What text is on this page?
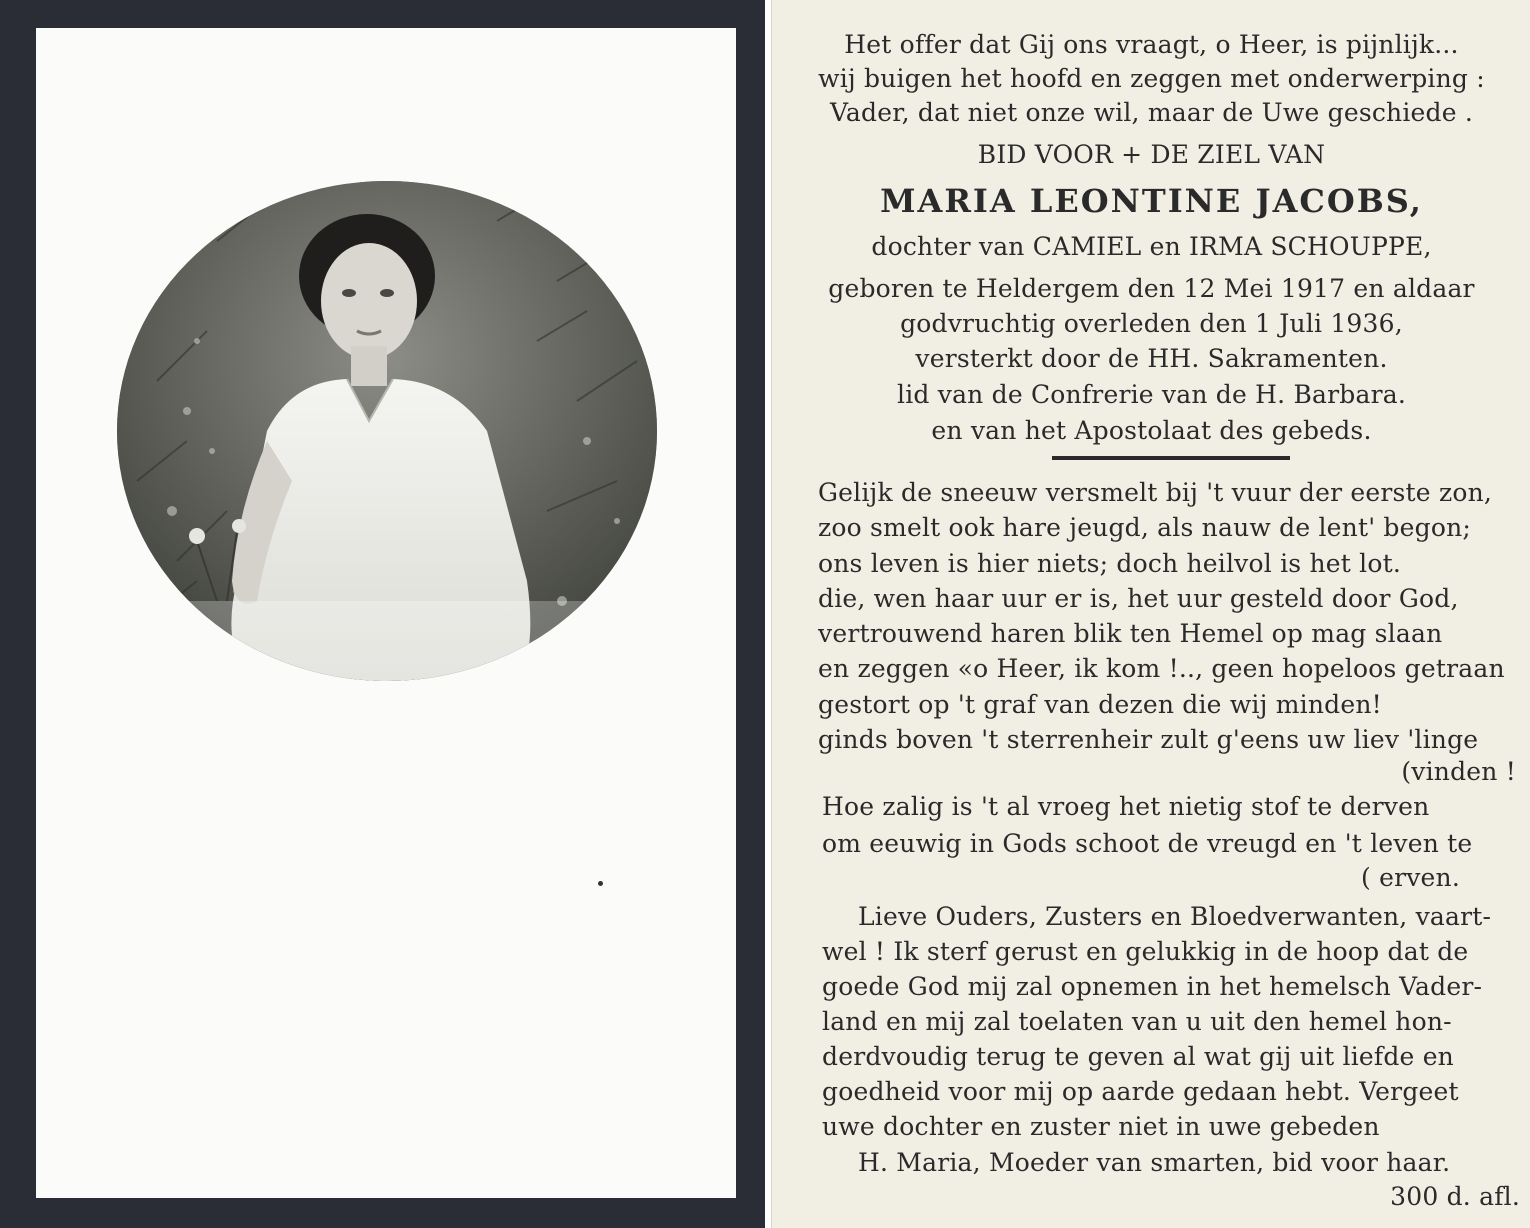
Het offer dat Gij ons vraagt, o Heer, is pijnlijk...
wij buigen het hoofd en zeggen met onderwerping :
Vader, dat niet onze wil, maar de Uwe geschiede .
BID VOOR + DE ZIEL VAN
MARIA LEONTINE JACOBS,
dochter van CAMIEL en IRMA SCHOUPPE,
geboren te Heldergem den 12 Mei 1917 en aldaar
godvruchtig overleden den 1 Juli 1936,
versterkt door de HH. Sakramenten.
lid van de Confrerie van de H. Barbara.
en van het Apostolaat des gebeds.
Gelijk de sneeuw versmelt bij 't vuur der eerste zon,
zoo smelt ook hare jeugd, als nauw de lent' begon;
ons leven is hier niets; doch heilvol is het lot.
die, wen haar uur er is, het uur gesteld door God,
vertrouwend haren blik ten Hemel op mag slaan
en zeggen «o Heer, ik kom !.., geen hopeloos getraan
gestort op 't graf van dezen die wij minden!
ginds boven 't sterrenheir zult g'eens uw liev 'linge
(vinden !
Hoe zalig is 't al vroeg het nietig stof te derven
om eeuwig in Gods schoot de vreugd en 't leven te
( erven.
Lieve Ouders, Zusters en Bloedverwanten, vaart-
wel ! Ik sterf gerust en gelukkig in de hoop dat de
goede God mij zal opnemen in het hemelsch Vader-
land en mij zal toelaten van u uit den hemel hon-
derdvoudig terug te geven al wat gij uit liefde en
goedheid voor mij op aarde gedaan hebt. Vergeet
uwe dochter en zuster niet in uwe gebeden
H. Maria, Moeder van smarten, bid voor haar.
300 d. afl.
